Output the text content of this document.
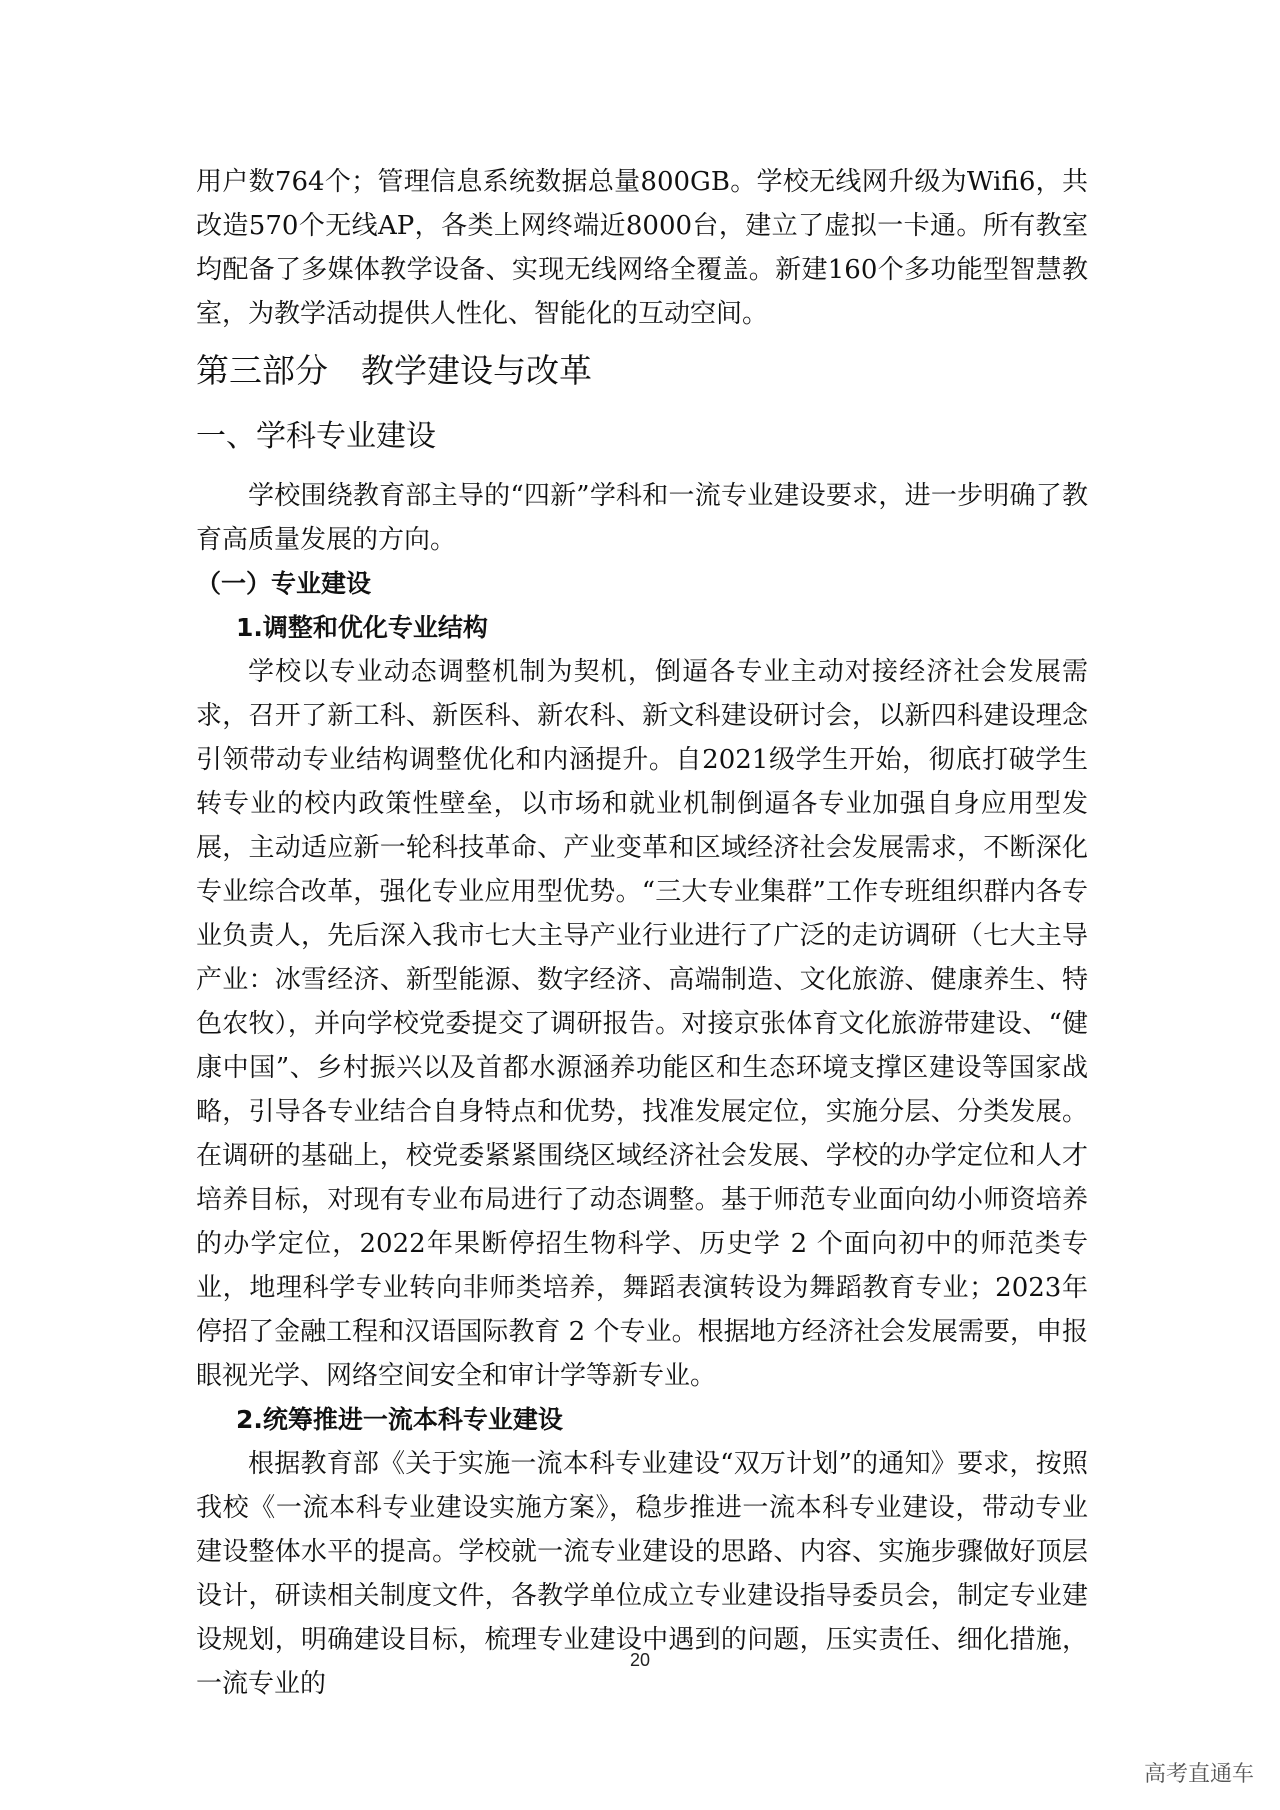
用户数764个；管理信息系统数据总量800GB。学校无线网升级为Wifi6，共改造570个无线AP，各类上网终端近8000台，建立了虚拟一卡通。所有教室均配备了多媒体教学设备、实现无线网络全覆盖。新建160个多功能型智慧教室，为教学活动提供人性化、智能化的互动空间。

第三部分　教学建设与改革
一、学科专业建设

学校围绕教育部主导的“四新”学科和一流专业建设要求，进一步明确了教育高质量发展的方向。

（一）专业建设
1.调整和优化专业结构

学校以专业动态调整机制为契机，倒逼各专业主动对接经济社会发展需求，召开了新工科、新医科、新农科、新文科建设研讨会，以新四科建设理念引领带动专业结构调整优化和内涵提升。自2021级学生开始，彻底打破学生转专业的校内政策性壁垒，以市场和就业机制倒逼各专业加强自身应用型发展，主动适应新一轮科技革命、产业变革和区域经济社会发展需求，不断深化专业综合改革，强化专业应用型优势。“三大专业集群”工作专班组织群内各专业负责人，先后深入我市七大主导产业行业进行了广泛的走访调研（七大主导产业：冰雪经济、新型能源、数字经济、高端制造、文化旅游、健康养生、特色农牧），并向学校党委提交了调研报告。对接京张体育文化旅游带建设、“健康中国”、乡村振兴以及首都水源涵养功能区和生态环境支撑区建设等国家战略，引导各专业结合自身特点和优势，找准发展定位，实施分层、分类发展。在调研的基础上，校党委紧紧围绕区域经济社会发展、学校的办学定位和人才培养目标，对现有专业布局进行了动态调整。基于师范专业面向幼小师资培养的办学定位，2022年果断停招生物科学、历史学 2 个面向初中的师范类专业，地理科学专业转向非师类培养，舞蹈表演转设为舞蹈教育专业；2023年停招了金融工程和汉语国际教育 2 个专业。根据地方经济社会发展需要，申报眼视光学、网络空间安全和审计学等新专业。

2.统筹推进一流本科专业建设

根据教育部《关于实施一流本科专业建设“双万计划”的通知》要求，按照我校《一流本科专业建设实施方案》，稳步推进一流本科专业建设，带动专业建设整体水平的提高。学校就一流专业建设的思路、内容、实施步骤做好顶层设计，研读相关制度文件，各教学单位成立专业建设指导委员会，制定专业建设规划，明确建设目标，梳理专业建设中遇到的问题，压实责任、细化措施，一流专业的

20
高考直通车
